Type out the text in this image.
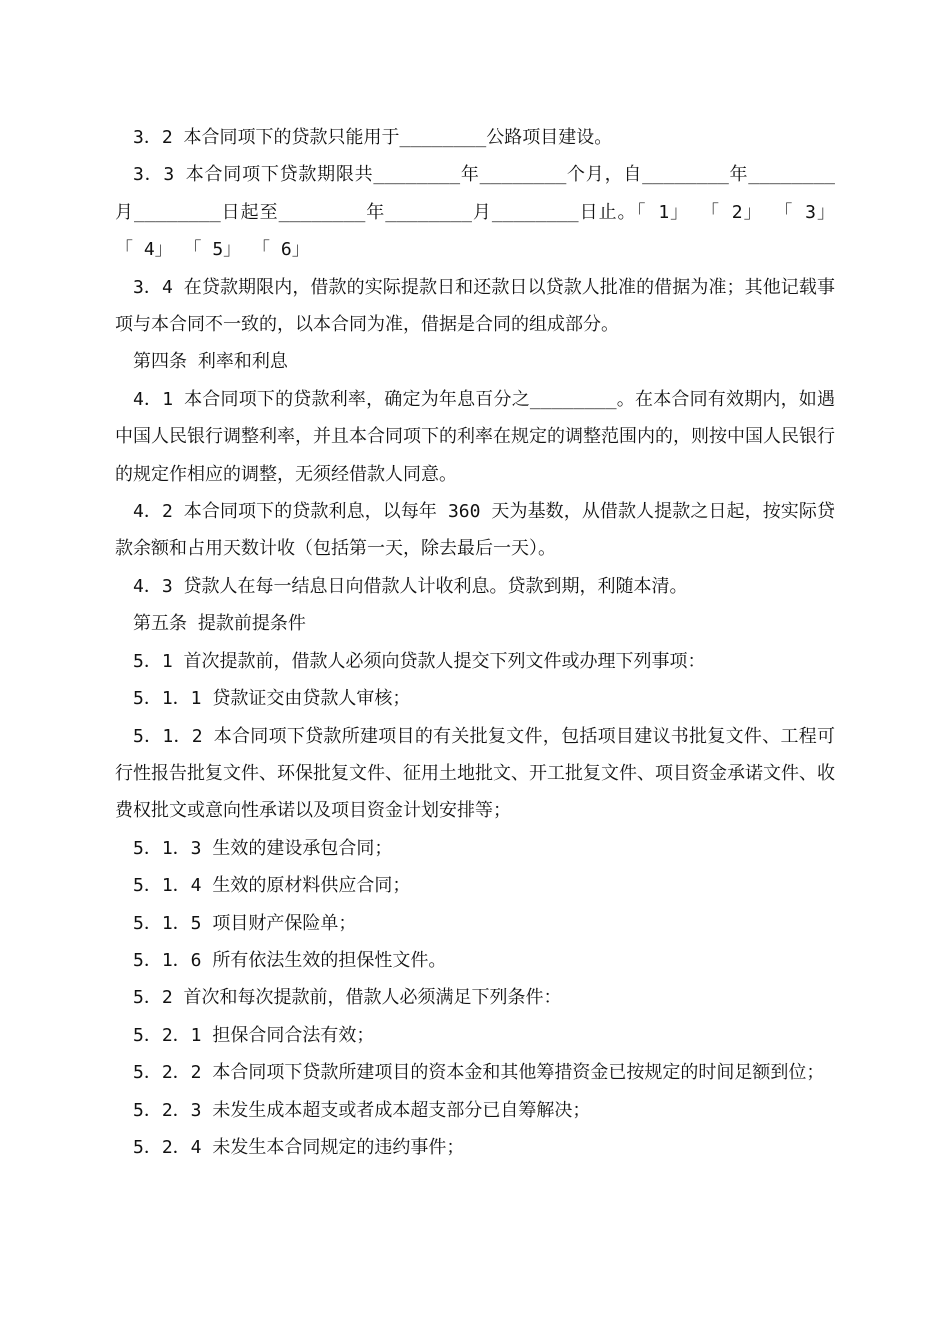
3．2 本合同项下的贷款只能用于________公路项目建设。

3．3 本合同项下贷款期限共________年________个月，自________年________月________日起至________年________月________日止。「 1」 「 2」 「 3」 「 4」 「 5」 「 6」

3．4 在贷款期限内，借款的实际提款日和还款日以贷款人批准的借据为准；其他记载事项与本合同不一致的，以本合同为准，借据是合同的组成部分。

第四条 利率和利息

4．1 本合同项下的贷款利率，确定为年息百分之________。在本合同有效期内，如遇中国人民银行调整利率，并且本合同项下的利率在规定的调整范围内的，则按中国人民银行的规定作相应的调整，无须经借款人同意。

4．2 本合同项下的贷款利息，以每年 360 天为基数，从借款人提款之日起，按实际贷款余额和占用天数计收（包括第一天，除去最后一天）。

4．3 贷款人在每一结息日向借款人计收利息。贷款到期，利随本清。

第五条 提款前提条件

5．1 首次提款前，借款人必须向贷款人提交下列文件或办理下列事项：

5．1．1 贷款证交由贷款人审核；

5．1．2 本合同项下贷款所建项目的有关批复文件，包括项目建议书批复文件、工程可行性报告批复文件、环保批复文件、征用土地批文、开工批复文件、项目资金承诺文件、收费权批文或意向性承诺以及项目资金计划安排等；

5．1．3 生效的建设承包合同；

5．1．4 生效的原材料供应合同；

5．1．5 项目财产保险单；

5．1．6 所有依法生效的担保性文件。

5．2 首次和每次提款前，借款人必须满足下列条件：

5．2．1 担保合同合法有效；

5．2．2 本合同项下贷款所建项目的资本金和其他筹措资金已按规定的时间足额到位；

5．2．3 未发生成本超支或者成本超支部分已自筹解决；

5．2．4 未发生本合同规定的违约事件；
